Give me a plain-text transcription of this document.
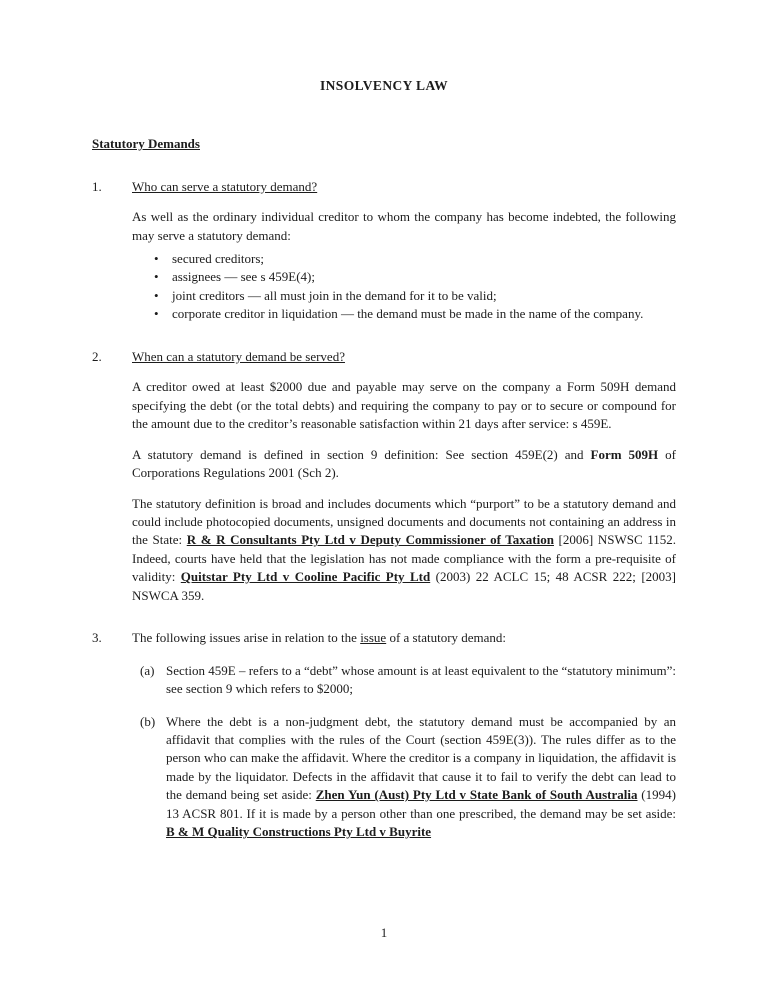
INSOLVENCY LAW
Statutory Demands
1.	Who can serve a statutory demand?
As well as the ordinary individual creditor to whom the company has become indebted, the following may serve a statutory demand:
•	secured creditors;
•	assignees — see s 459E(4);
•	joint creditors — all must join in the demand for it to be valid;
•	corporate creditor in liquidation — the demand must be made in the name of the company.
2.	When can a statutory demand be served?
A creditor owed at least $2000 due and payable may serve on the company a Form 509H demand specifying the debt (or the total debts) and requiring the company to pay or to secure or compound for the amount due to the creditor’s reasonable satisfaction within 21 days after service: s 459E.
A statutory demand is defined in section 9 definition: See section 459E(2) and Form 509H of Corporations Regulations 2001 (Sch 2).
The statutory definition is broad and includes documents which “purport” to be a statutory demand and could include photocopied documents, unsigned documents and documents not containing an address in the State: R & R Consultants Pty Ltd v Deputy Commissioner of Taxation [2006] NSWSC 1152. Indeed, courts have held that the legislation has not made compliance with the form a pre-requisite of validity: Quitstar Pty Ltd v Cooline Pacific Pty Ltd (2003) 22 ACLC 15; 48 ACSR 222; [2003] NSWCA 359.
3.	The following issues arise in relation to the issue of a statutory demand:
(a) Section 459E – refers to a “debt” whose amount is at least equivalent to the “statutory minimum”: see section 9 which refers to $2000;
(b) Where the debt is a non-judgment debt, the statutory demand must be accompanied by an affidavit that complies with the rules of the Court (section 459E(3)). The rules differ as to the person who can make the affidavit. Where the creditor is a company in liquidation, the affidavit is made by the liquidator. Defects in the affidavit that cause it to fail to verify the debt can lead to the demand being set aside: Zhen Yun (Aust) Pty Ltd v State Bank of South Australia (1994) 13 ACSR 801. If it is made by a person other than one prescribed, the demand may be set aside: B & M Quality Constructions Pty Ltd v Buyrite
1
